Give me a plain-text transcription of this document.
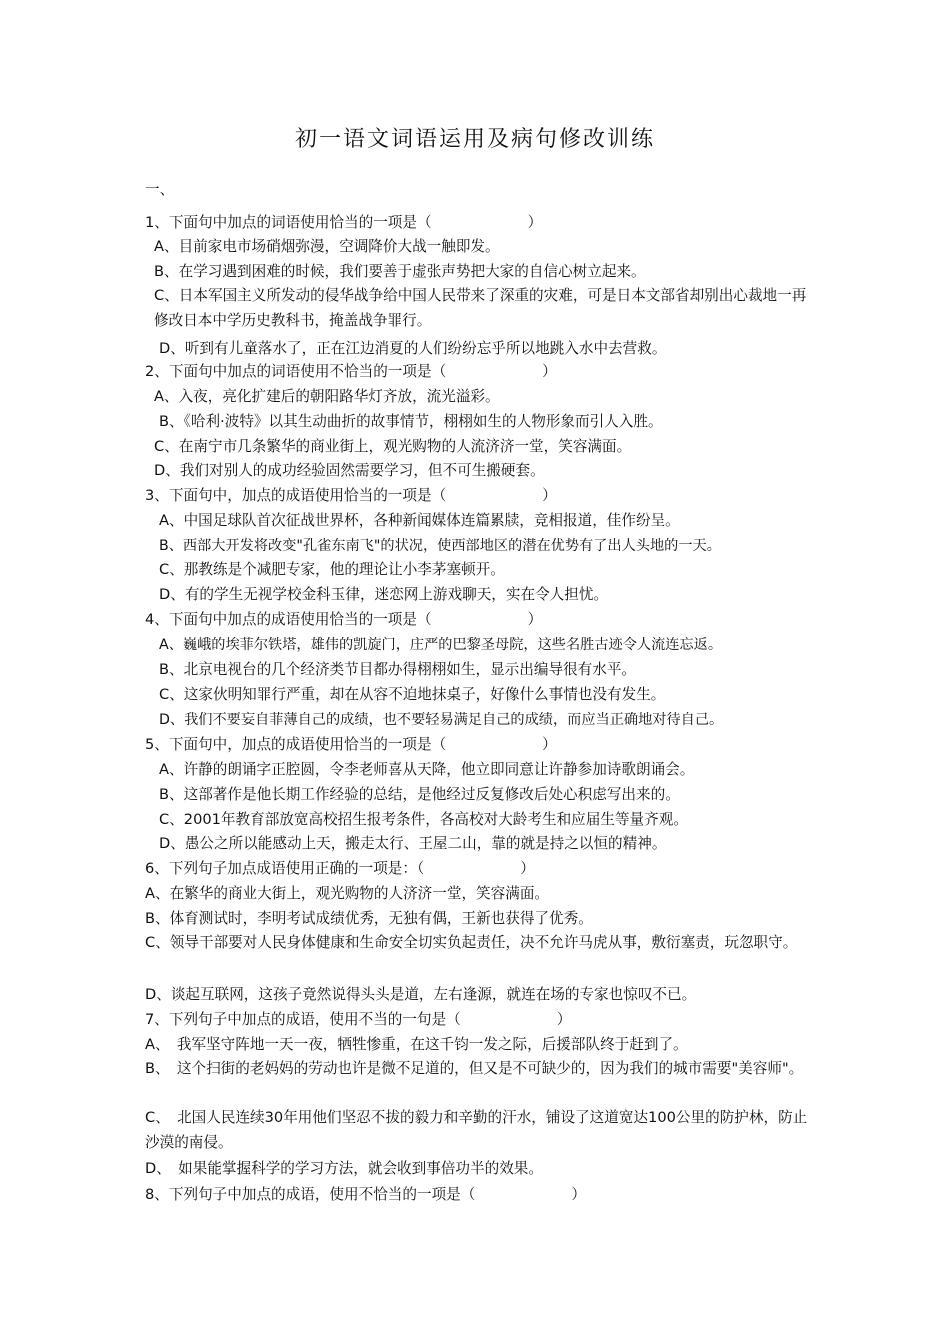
初一语文词语运用及病句修改训练
一、
1、下面句中加点的词语使用恰当的一项是（	）
A、目前家电市场硝烟弥漫，空调降价大战一触即发。
B、在学习遇到困难的时候，我们要善于虚张声势把大家的自信心树立起来。
C、日本军国主义所发动的侵华战争给中国人民带来了深重的灾难，可是日本文部省却别出心裁地一再修改日本中学历史教科书，掩盖战争罪行。
D、听到有儿童落水了，正在江边消夏的人们纷纷忘乎所以地跳入水中去营救。
2、下面句中加点的词语使用不恰当的一项是（	）
A、入夜，亮化扩建后的朝阳路华灯齐放，流光溢彩。
B、《哈利·波特》以其生动曲折的故事情节，栩栩如生的人物形象而引人入胜。
C、在南宁市几条繁华的商业街上，观光购物的人流济济一堂，笑容满面。
D、我们对别人的成功经验固然需要学习，但不可生搬硬套。
3、下面句中，加点的成语使用恰当的一项是（	）
A、中国足球队首次征战世界杯，各种新闻媒体连篇累牍，竞相报道，佳作纷呈。
B、西部大开发将改变"孔雀东南飞"的状况，使西部地区的潜在优势有了出人头地的一天。
C、那教练是个减肥专家，他的理论让小李茅塞顿开。
D、有的学生无视学校金科玉律，迷恋网上游戏聊天，实在令人担忧。
4、下面句中加点的成语使用恰当的一项是（	）
A、巍峨的埃菲尔铁塔，雄伟的凯旋门，庄严的巴黎圣母院，这些名胜古迹令人流连忘返。
B、北京电视台的几个经济类节目都办得栩栩如生，显示出编导很有水平。
C、这家伙明知罪行严重，却在从容不迫地抹桌子，好像什么事情也没有发生。
D、我们不要妄自菲薄自己的成绩，也不要轻易满足自己的成绩，而应当正确地对待自己。
5、下面句中，加点的成语使用恰当的一项是（	）
A、许静的朗诵字正腔圆，令李老师喜从天降，他立即同意让许静参加诗歌朗诵会。
B、这部著作是他长期工作经验的总结，是他经过反复修改后处心积虑写出来的。
C、2001年教育部放宽高校招生报考条件，各高校对大龄考生和应届生等量齐观。
D、愚公之所以能感动上天，搬走太行、王屋二山，靠的就是持之以恒的精神。
6、下列句子加点成语使用正确的一项是：（	）
A、在繁华的商业大街上，观光购物的人济济一堂，笑容满面。
B、体育测试时，李明考试成绩优秀，无独有偶，王新也获得了优秀。
C、领导干部要对人民身体健康和生命安全切实负起责任，决不允许马虎从事，敷衍塞责，玩忽职守。
D、谈起互联网，这孩子竟然说得头头是道，左右逢源，就连在场的专家也惊叹不已。
7、下列句子中加点的成语，使用不当的一句是（	）
A、　我军坚守阵地一天一夜，牺牲惨重，在这千钧一发之际，后援部队终于赶到了。
B、　这个扫街的老妈妈的劳动也许是微不足道的，但又是不可缺少的，因为我们的城市需要"美容师"。
C、　北国人民连续30年用他们坚忍不拔的毅力和辛勤的汗水，铺设了这道宽达100公里的防护林，防止沙漠的南侵。
D、　如果能掌握科学的学习方法，就会收到事倍功半的效果。
8、下列句子中加点的成语，使用不恰当的一项是（	）
